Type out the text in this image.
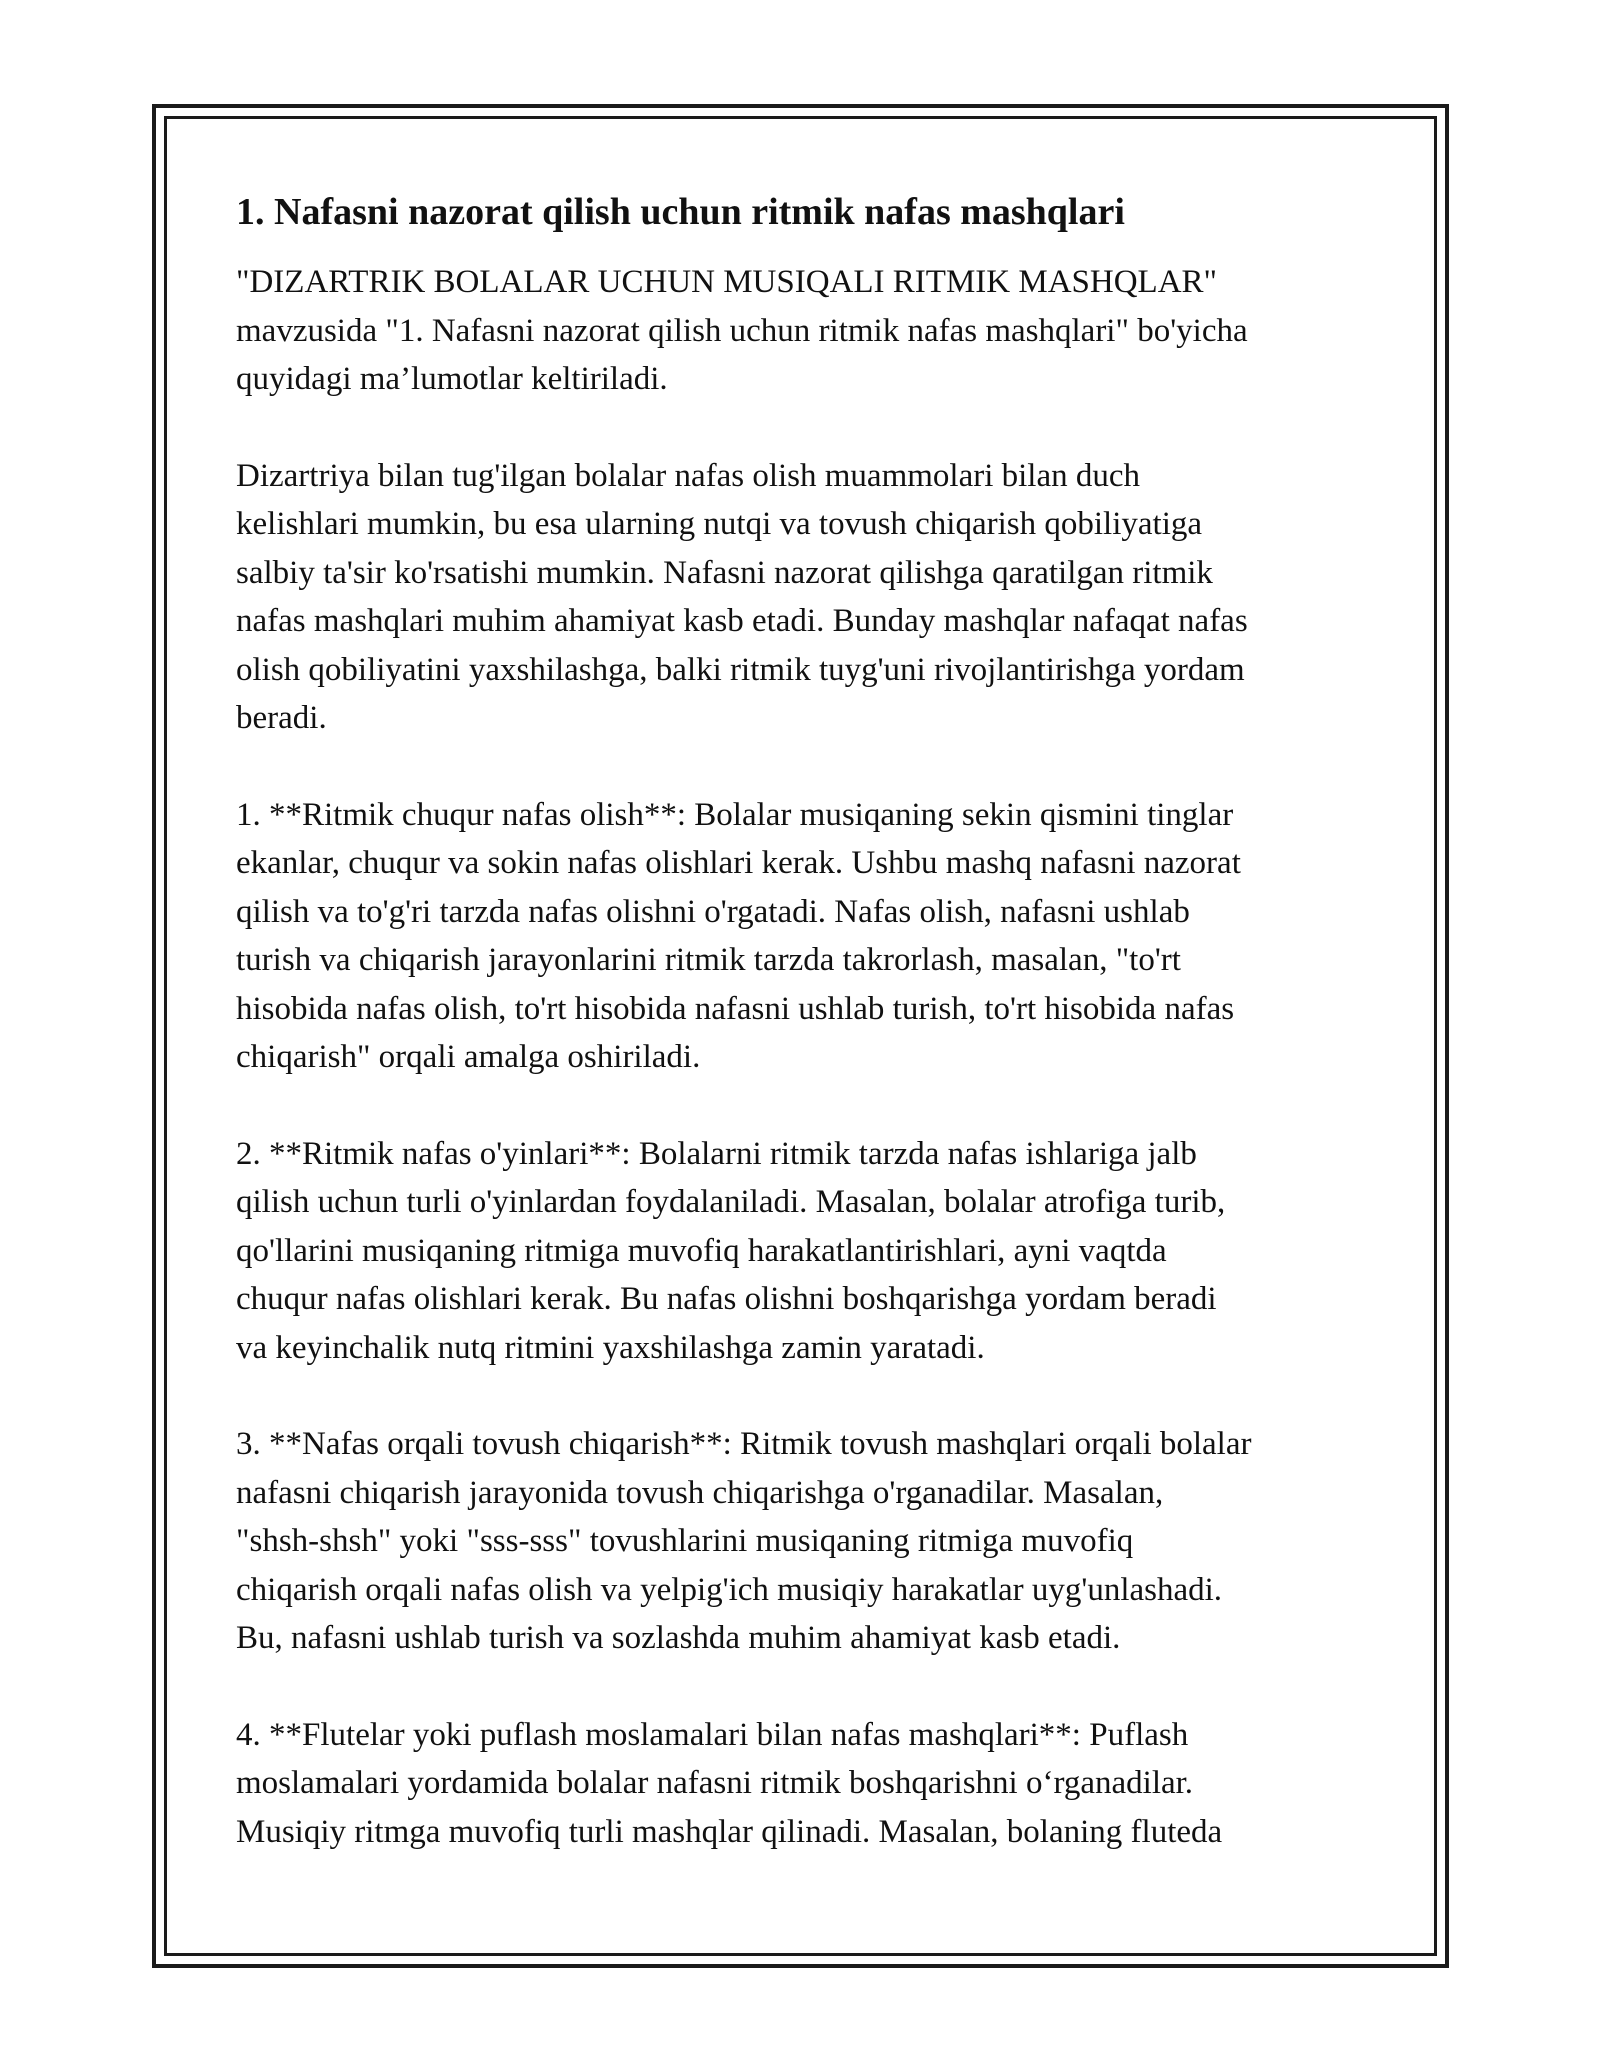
1. Nafasni nazorat qilish uchun ritmik nafas mashqlari

"DIZARTRIK BOLALAR UCHUN MUSIQALI RITMIK MASHQLAR"
mavzusida "1. Nafasni nazorat qilish uchun ritmik nafas mashqlari" bo'yicha
quyidagi ma’lumotlar keltiriladi.

Dizartriya bilan tug'ilgan bolalar nafas olish muammolari bilan duch
kelishlari mumkin, bu esa ularning nutqi va tovush chiqarish qobiliyatiga
salbiy ta'sir ko'rsatishi mumkin. Nafasni nazorat qilishga qaratilgan ritmik
nafas mashqlari muhim ahamiyat kasb etadi. Bunday mashqlar nafaqat nafas
olish qobiliyatini yaxshilashga, balki ritmik tuyg'uni rivojlantirishga yordam
beradi.

1. **Ritmik chuqur nafas olish**: Bolalar musiqaning sekin qismini tinglar
ekanlar, chuqur va sokin nafas olishlari kerak. Ushbu mashq nafasni nazorat
qilish va to'g'ri tarzda nafas olishni o'rgatadi. Nafas olish, nafasni ushlab
turish va chiqarish jarayonlarini ritmik tarzda takrorlash, masalan, "to'rt
hisobida nafas olish, to'rt hisobida nafasni ushlab turish, to'rt hisobida nafas
chiqarish" orqali amalga oshiriladi.

2. **Ritmik nafas o'yinlari**: Bolalarni ritmik tarzda nafas ishlariga jalb
qilish uchun turli o'yinlardan foydalaniladi. Masalan, bolalar atrofiga turib,
qo'llarini musiqaning ritmiga muvofiq harakatlantirishlari, ayni vaqtda
chuqur nafas olishlari kerak. Bu nafas olishni boshqarishga yordam beradi
va keyinchalik nutq ritmini yaxshilashga zamin yaratadi.

3. **Nafas orqali tovush chiqarish**: Ritmik tovush mashqlari orqali bolalar
nafasni chiqarish jarayonida tovush chiqarishga o'rganadilar. Masalan,
"shsh-shsh" yoki "sss-sss" tovushlarini musiqaning ritmiga muvofiq
chiqarish orqali nafas olish va yelpig'ich musiqiy harakatlar uyg'unlashadi.
Bu, nafasni ushlab turish va sozlashda muhim ahamiyat kasb etadi.

4. **Flutelar yoki puflash moslamalari bilan nafas mashqlari**: Puflash
moslamalari yordamida bolalar nafasni ritmik boshqarishni o‘rganadilar.
Musiqiy ritmga muvofiq turli mashqlar qilinadi. Masalan, bolaning fluteda
